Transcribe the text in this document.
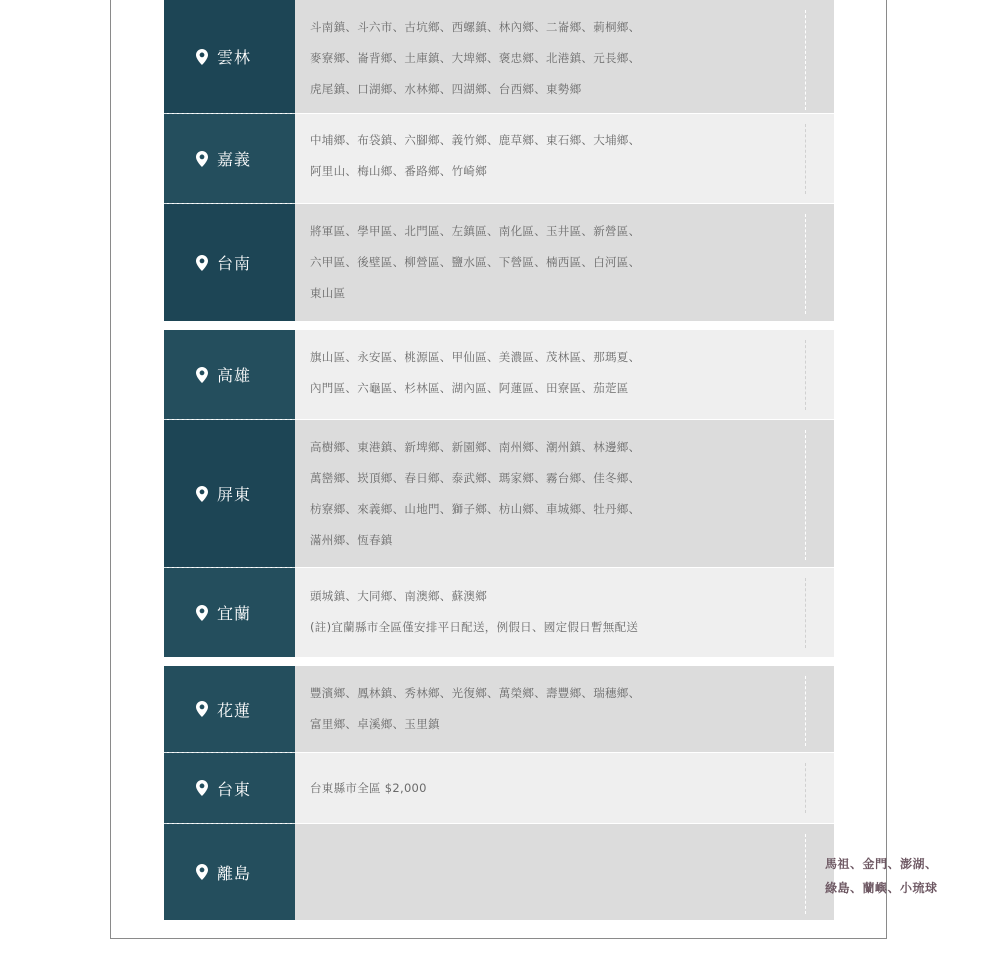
雲林
斗南鎮、斗六市、古坑鄉、西螺鎮、林內鄉、二崙鄉、莿桐鄉、
麥寮鄉、崙背鄉、土庫鎮、大埤鄉、褒忠鄉、北港鎮、元長鄉、
虎尾鎮、口湖鄉、水林鄉、四湖鄉、台西鄉、東勢鄉
嘉義
中埔鄉、布袋鎮、六腳鄉、義竹鄉、鹿草鄉、東石鄉、大埔鄉、
阿里山、梅山鄉、番路鄉、竹崎鄉
台南
將軍區、學甲區、北門區、左鎮區、南化區、玉井區、新營區、
六甲區、後壁區、柳營區、鹽水區、下營區、楠西區、白河區、
東山區
高雄
旗山區、永安區、桃源區、甲仙區、美濃區、茂林區、那瑪夏、
內門區、六龜區、杉林區、湖內區、阿蓮區、田寮區、茄萣區
屏東
高樹鄉、東港鎮、新埤鄉、新園鄉、南州鄉、潮州鎮、林邊鄉、
萬巒鄉、崁頂鄉、春日鄉、泰武鄉、瑪家鄉、霧台鄉、佳冬鄉、
枋寮鄉、來義鄉、山地門、獅子鄉、枋山鄉、車城鄉、牡丹鄉、
滿州鄉、恆春鎮
宜蘭
頭城鎮、大同鄉、南澳鄉、蘇澳鄉
(註)宜蘭縣市全區僅安排平日配送，例假日、國定假日暫無配送
花蓮
豐濱鄉、鳳林鎮、秀林鄉、光復鄉、萬榮鄉、壽豐鄉、瑞穗鄉、
富里鄉、卓溪鄉、玉里鎮
台東	台東縣市全區 $2,000
離島	馬祖、金門、澎湖、
綠島、蘭嶼、小琉球
